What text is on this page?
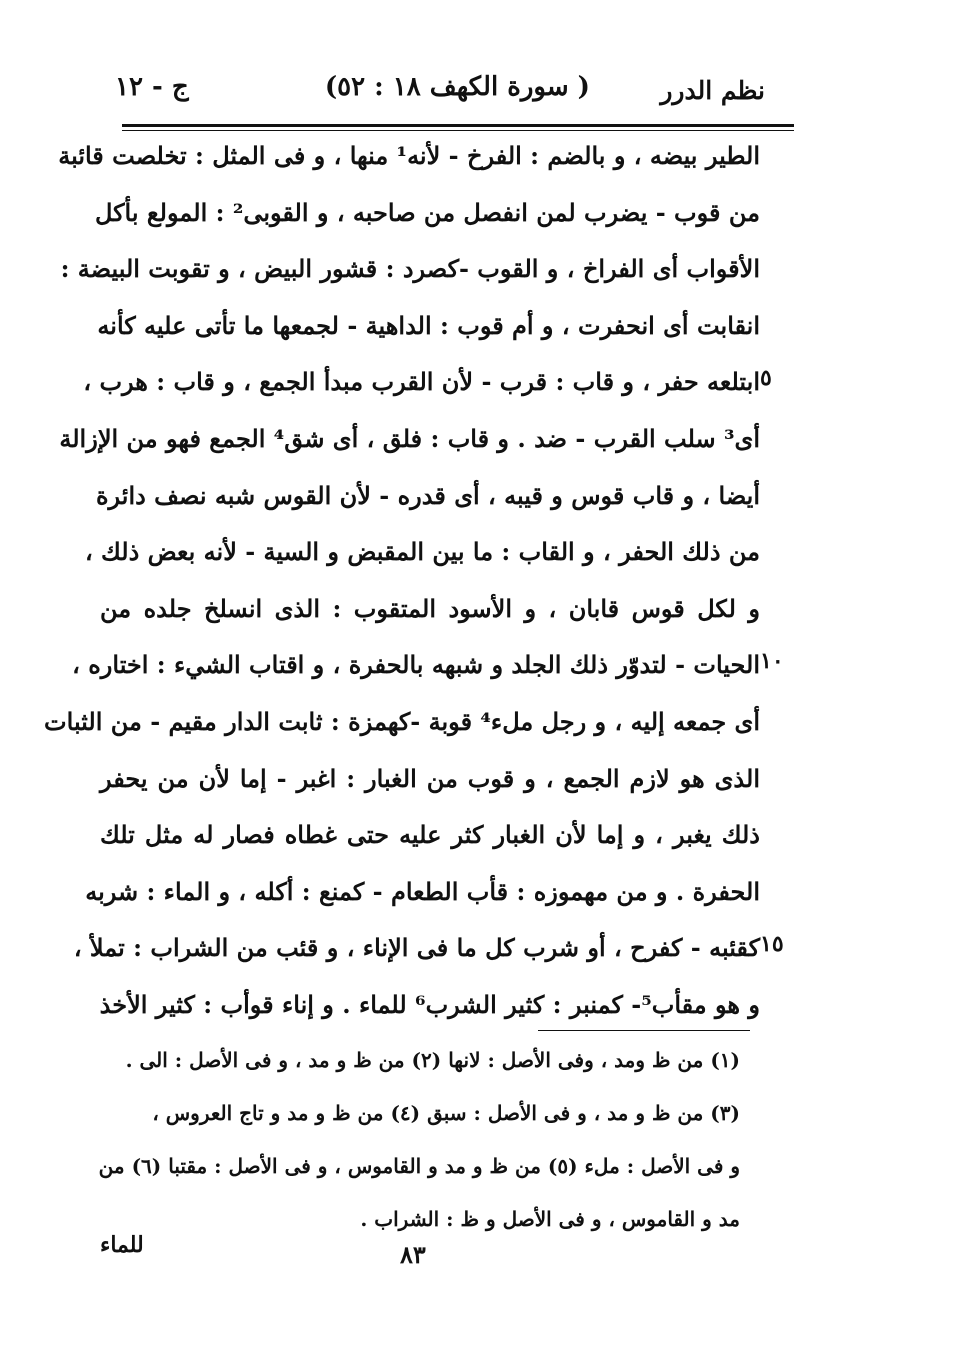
نظم الدرر
( سورة الكهف ١٨ : ٥٢)
ج - ١٢
الطير بيضه ، و بالضم : الفرخ - لأنه¹ منها ، و فى المثل : تخلصت قائبة
من قوب - يضرب لمن انفصل من صاحبه ، و القوبى² : المولع بأكل
الأقواب أى الفراخ ، و القوب -كصرد : قشور البيض ، و تقوبت البيضة :
انقابت أى انحفرت ، و أم قوب : الداهية - لجمعها ما تأتى عليه كأنه
ابتلعه حفر ، و قاب : قرب - لأن القرب مبدأ الجمع ، و قاب : هرب ،
أى³ سلب القرب - ضد . و قاب : فلق ، أى شق⁴ الجمع فهو من الإزالة
أيضا ، و قاب قوس و قيبه ، أى قدره - لأن القوس شبه نصف دائرة
من ذلك الحفر ، و القاب : ما بين المقبض و السية - لأنه بعض ذلك ،
و لكل قوس قابان ، و الأسود المتقوب : الذى انسلخ جلده من
الحيات - لتدوّر ذلك الجلد و شبهه بالحفرة ، و اقتاب الشيء : اختاره ،
أى جمعه إليه ، و رجل ملء⁴ قوبة -كهمزة : ثابت الدار مقيم - من الثبات
الذى هو لازم الجمع ، و قوب من الغبار : اغبر - إما لأن من يحفر
ذلك يغبر ، و إما لأن الغبار كثر عليه حتى غطاه فصار له مثل تلك
الحفرة . و من مهموزه : قأب الطعام - كمنع : أكله ، و الماء : شربه
كقئبه - كفرح ، أو شرب كل ما فى الإناء ، و قئب من الشراب : تملأ ،
و هو مقأب⁵- كمنبر : كثير الشرب⁶ للماء . و إناء قوأب : كثير الأخذ
٥
١٠
١٥
(١) من ظ ومد ، وفى الأصل : لانها (٢) من ظ و مد ، و فى الأصل : الى .
(٣) من ظ و مد ، و فى الأصل : سبق (٤) من ظ و مد و تاج العروس ،
و فى الأصل : ملء (٥) من ظ و مد و القاموس ، و فى الأصل : مقتبا (٦) من
مد و القاموس ، و فى الأصل و ظ : الشراب .
للماء	٨٣
